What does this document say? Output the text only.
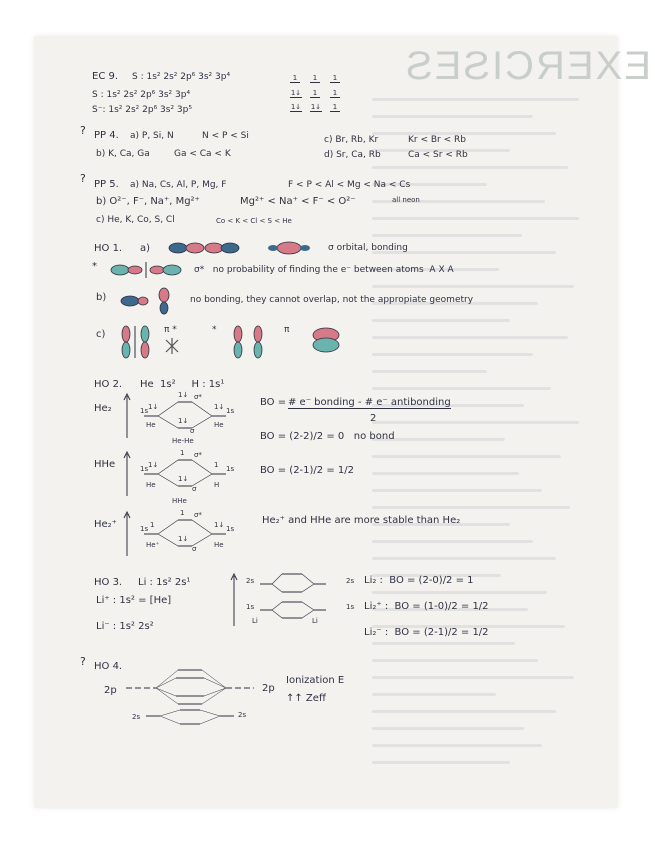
EXERCISES
EC 9. S : 1s² 2s² 2p⁶ 3s² 3p⁴
S : 1s² 2s² 2p⁶ 3s² 3p⁴
S⁻: 1s² 2s² 2p⁶ 3s² 3p⁵
1	1	1
1↓	1	1
1↓ 1↓	1
? PP 4. a) P, Si, N	N < P < Si
b) K, Ca, Ga	Ga < Ca < K
c) Br, Rb, Kr	Kr < Br < Rb
d) Sr, Ca, Rb	Ca < Sr < Rb
? PP 5. a) Na, Cs, Al, P, Mg, F	F < P < Al < Mg < Na < Cs
b) O²⁻, F⁻, Na⁺, Mg²⁺	Mg²⁺ < Na⁺ < F⁻ < O²⁻	all neon
c) He, K, Co, S, Cl	Co < K < Cl < S < He
HO 1. a)	σ orbital, bonding
*	σ*   no probability of finding the e⁻ between atoms  A X A
b)	no bonding, they cannot overlap, not the appropiate geometry
c)	π *	*	π
HO 2. He  1s²     H : 1s¹
He₂	1s 1↓
He
1s
1↓
He
1↓ σ*
1↓
σ
He-He
BO = # e⁻ bonding - # e⁻ antibonding
2
BO = (2-2)/2 = 0   no bond
HHe	1s 1↓
He
1s
1
H
1 σ*
1↓
σ
HHe
BO = (2-1)/2 = 1/2
He₂⁺	1s 1
He⁺
1s
1↓
He
1 σ*
1↓
σ
He₂⁺ and HHe are more stable than He₂
HO 3. Li : 1s² 2s¹
Li⁺ : 1s² = [He]
Li⁻ : 1s² 2s²
2s	2s
1s	1s
Li	Li
Li₂ :  BO = (2-0)/2 = 1
Li₂⁺ :  BO = (1-0)/2 = 1/2
Li₂⁻ :  BO = (2-1)/2 = 1/2
? HO 4.
2p	2p
2s	2s
Ionization E
↑↑ Zeff
